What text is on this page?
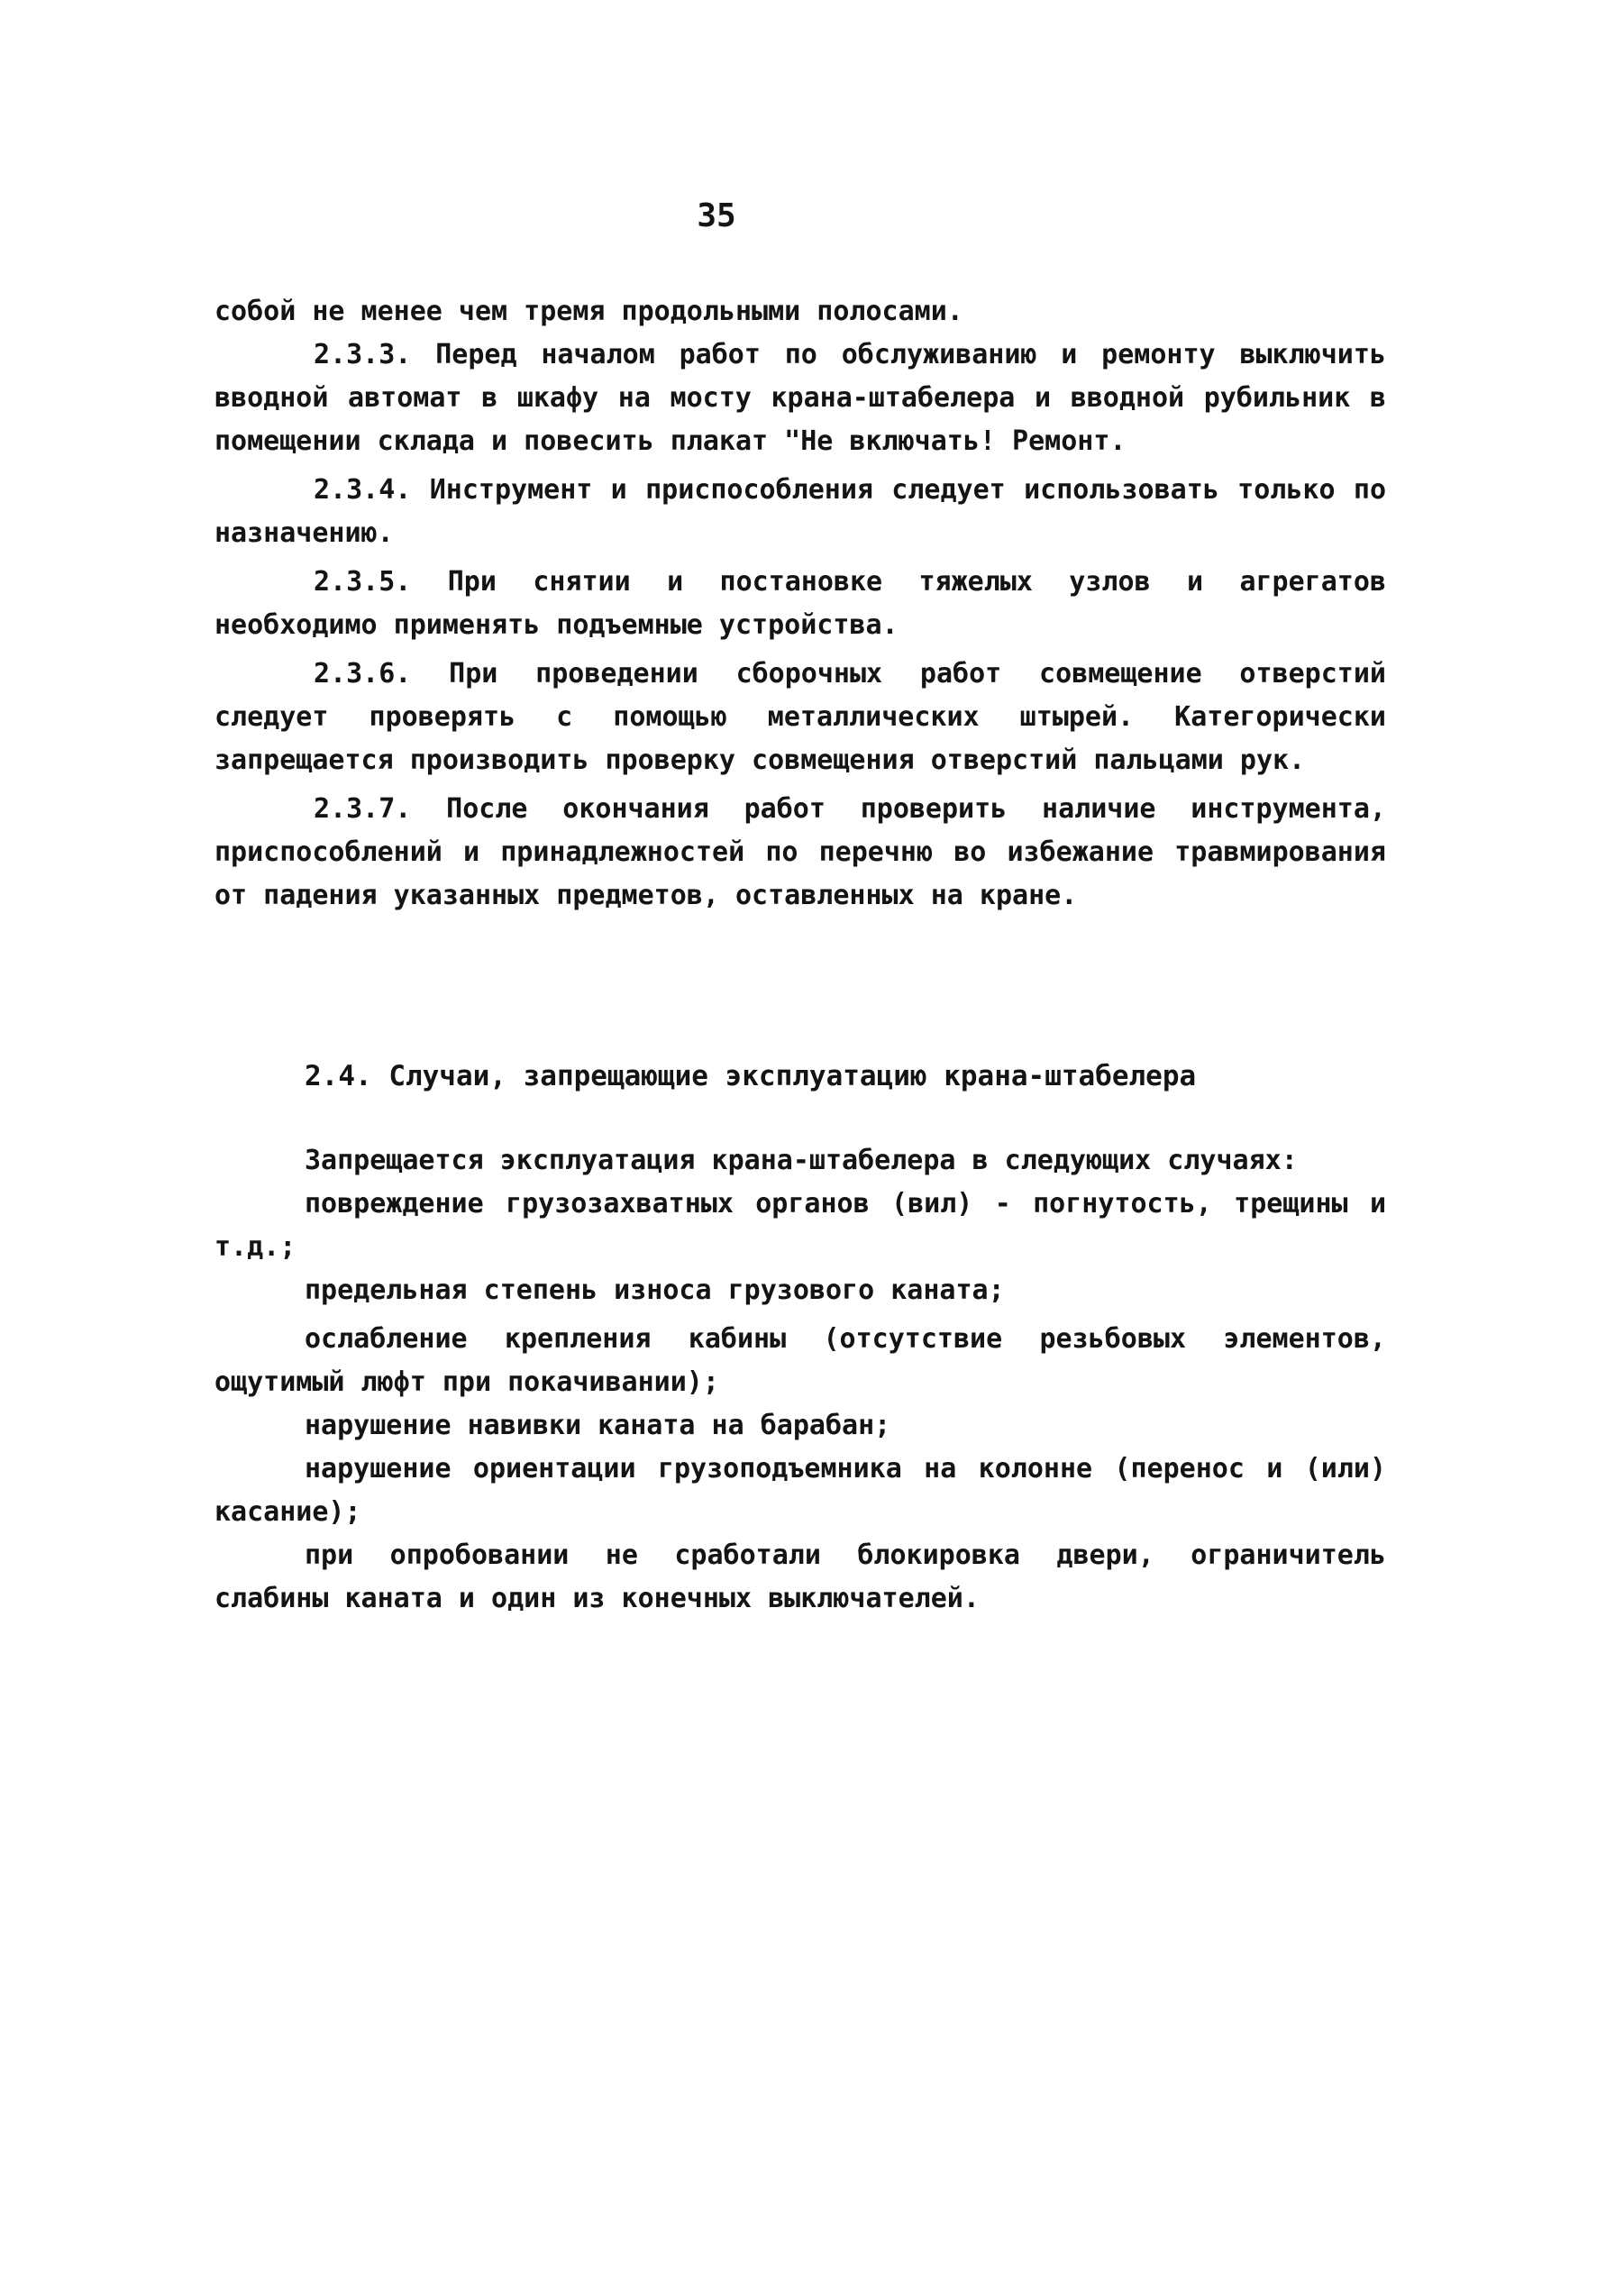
35

собой не менее чем тремя продольными полосами.

2.3.3. Перед началом работ по обслуживанию и ремонту выключить вводной автомат в шкафу на мосту крана-штабелера и вводной рубильник в помещении склада и повесить плакат "Не включать! Ремонт.

2.3.4. Инструмент и приспособления следует использовать только по назначению.

2.3.5. При снятии и постановке тяжелых узлов и агрегатов необходимо применять подъемные устройства.

2.3.6. При проведении сборочных работ совмещение отверстий следует проверять с помощью металлических штырей. Категорически запрещается производить проверку совмещения отверстий пальцами рук.

2.3.7. После окончания работ проверить наличие инструмента, приспособлений и принадлежностей по перечню во избежание травмирования от падения указанных предметов, оставленных на кране.

2.4. Случаи, запрещающие эксплуатацию крана-штабелера

Запрещается эксплуатация крана-штабелера в следующих случаях:

повреждение грузозахватных органов (вил) - погнутость, трещины и т.д.;

предельная степень износа грузового каната;

ослабление крепления кабины (отсутствие резьбовых элементов, ощутимый люфт при покачивании);

нарушение навивки каната на барабан;

нарушение ориентации грузоподъемника на колонне (перенос и (или) касание);

при опробовании не сработали блокировка двери, ограничитель слабины каната и один из конечных выключателей.
